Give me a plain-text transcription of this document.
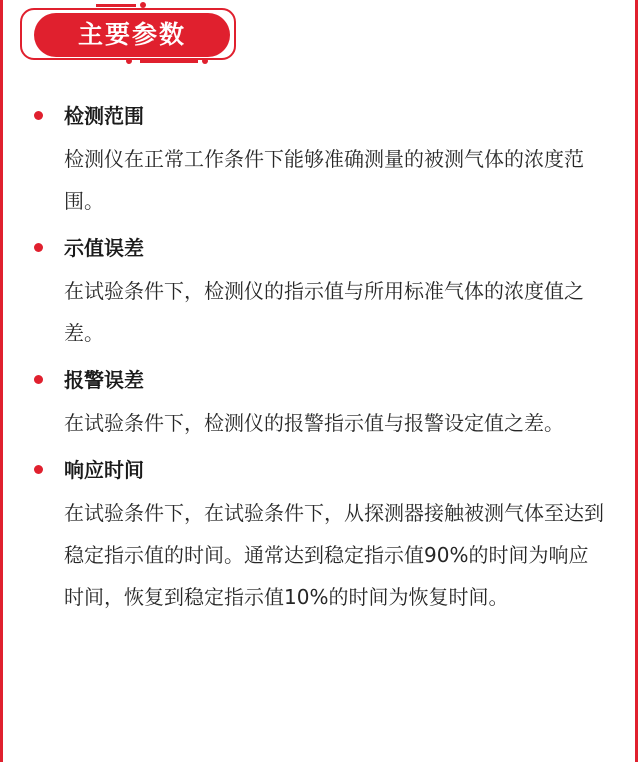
主要参数
检测范围
检测仪在正常工作条件下能够准确测量的被测气体的浓度范围。
示值误差
在试验条件下，检测仪的指示值与所用标准气体的浓度值之差。
报警误差
在试验条件下，检测仪的报警指示值与报警设定值之差。
响应时间
在试验条件下，在试验条件下，从探测器接触被测气体至达到稳定指示值的时间。通常达到稳定指示值90%的时间为响应时间，恢复到稳定指示值10%的时间为恢复时间。
